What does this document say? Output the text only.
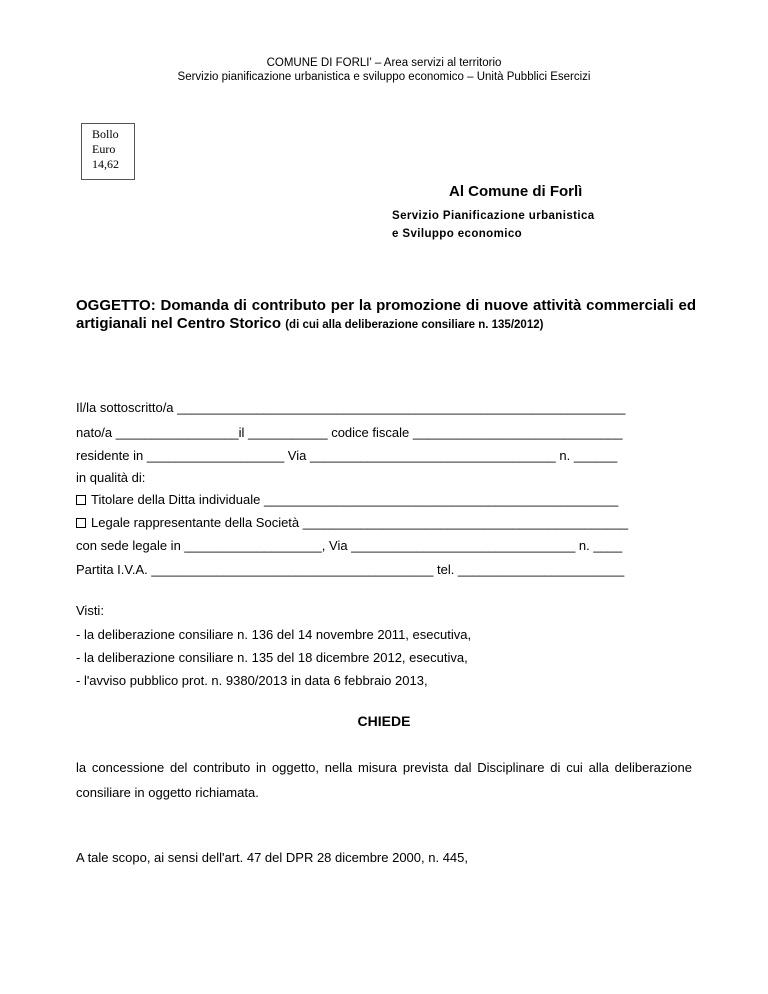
COMUNE DI FORLI' – Area servizi al territorio
Servizio pianificazione urbanistica e sviluppo economico – Unità Pubblici Esercizi
Bollo
Euro
14,62
Al Comune di Forlì
Servizio Pianificazione urbanistica
e Sviluppo economico
OGGETTO: Domanda di contributo per la promozione di nuove attività commerciali ed artigianali nel Centro Storico (di cui alla deliberazione consiliare n. 135/2012)
Il/la sottoscritto/a ______________________________________________________________
nato/a _________________il ___________ codice fiscale _____________________________
residente in ___________________ Via __________________________________ n. ______
in qualità di:
Titolare della Ditta individuale _________________________________________________
Legale rappresentante della Società _____________________________________________
con sede legale in ___________________, Via _______________________________ n. ____
Partita I.V.A. _______________________________________ tel. _______________________
Visti:
- la deliberazione consiliare n. 136 del 14 novembre 2011, esecutiva,
- la deliberazione consiliare n. 135 del 18 dicembre 2012, esecutiva,
- l'avviso pubblico prot. n. 9380/2013 in data 6 febbraio 2013,
CHIEDE
la concessione del contributo in oggetto, nella misura prevista dal Disciplinare di cui alla deliberazione consiliare in oggetto richiamata.
A tale scopo, ai sensi dell'art. 47 del DPR 28 dicembre 2000, n. 445,
